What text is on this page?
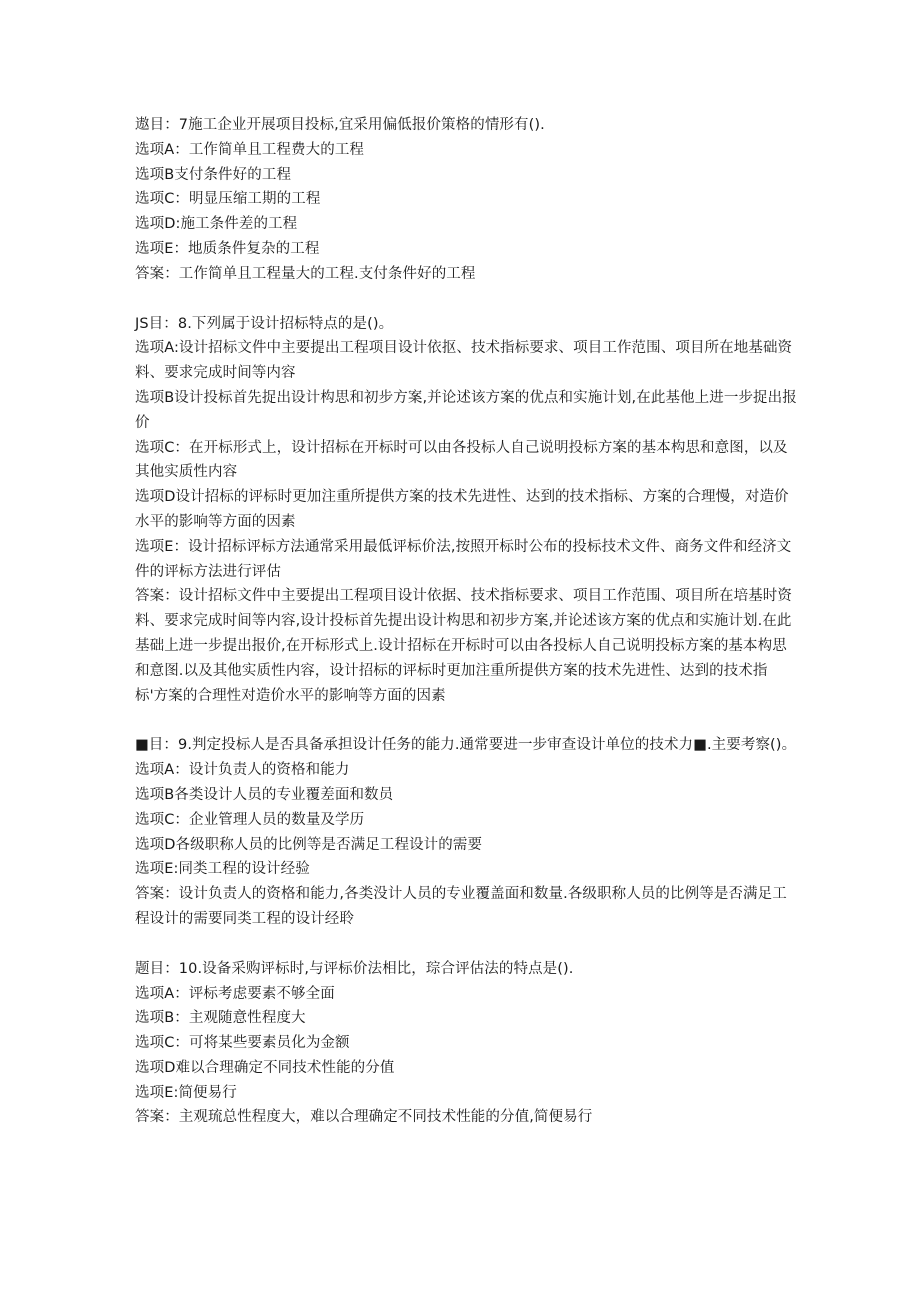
遨目：7施工企业开展项目投标,宜采用偏低报价策格的情形有().
选项A：工作简单且工程费大的工程
选项B支付条件好的工程
选项C：明显压缩工期的工程
选项D:施工条件差的工程
选项E：地质条件复杂的工程
答案：工作简单且工程量大的工程.支付条件好的工程
JS目：8.下列属于设计招标特点的是()。
选项A:设计招标文件中主要提出工程项目设计依抠、技术指标要求、项目工作范围、项目所在地基础资料、要求完成时间等内容
选项B设计投标首先捉出设计构思和初步方案,并论述该方案的优点和实施计划,在此基他上进一步捉出报价
选项C：在开标形式上，设计招标在开标时可以由各投标人自己说明投标方案的基本构思和意图，以及其他实质性内容
选项D设计招标的评标时更加注重所提供方案的技术先进性、达到的技术指标、方案的合理慢，对造价水平的影响等方面的因素
选项E：设计招标评标方法通常采用最低评标价法,按照开标时公布的投标技术文件、商务文件和经济文件的评标方法进行评估
答案：设计招标文件中主要提出工程项目设计依据、技术指标要求、项目工作范围、项目所在培基时资料、要求完成时间等内容,设计投标首先提出设计构思和初步方案,并论述该方案的优点和实施计划.在此基础上进一步提出报价,在开标形式上.设计招标在开标时可以由各投标人自己说明投标方案的基本构思和意图.以及其他实质性内容，设计招标的评标时更加注重所提供方案的技术先进性、达到的技术指标'方案的合理性对造价水平的影响等方面的因素
■目：9.判定投标人是否具备承担设计任务的能力.通常要进一步审查设计单位的技术力■.主要考察()。
选项A：设计负责人的资格和能力
选项B各类设计人员的专业覆差面和数员
选项C：企业管理人员的数量及学历
选项D各级职称人员的比例等是否满足工程设计的需要
选项E:同类工程的设计经验
答案：设计负责人的资格和能力,各类没计人员的专业覆盖面和数量.各级职称人员的比例等是否满足工程设计的需要同类工程的设计经聆
题目：10.设备采购评标时,与评标价法相比，琮合评估法的特点是().
选项A：评标考虑要素不够全面
选项B：主观随意性程度大
选项C：可将某些要素员化为金额
选项D难以合理确定不同技术性能的分值
选项E:简便易行
答案：主观琉总性程度大，难以合理确定不同技术性能的分值,简便易行
